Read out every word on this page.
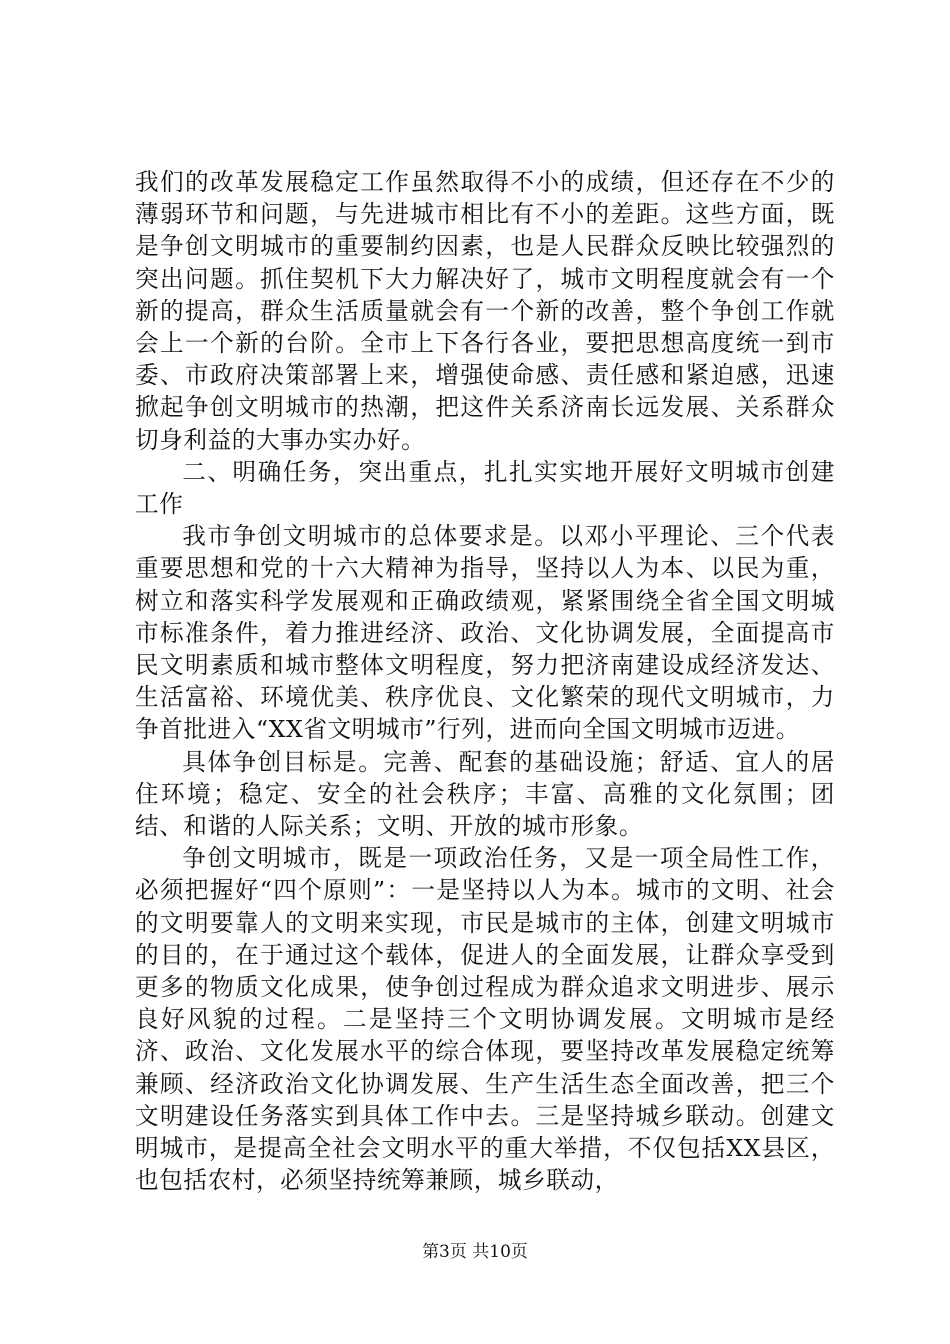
我们的改革发展稳定工作虽然取得不小的成绩，但还存在不少的薄弱环节和问题，与先进城市相比有不小的差距。这些方面，既是争创文明城市的重要制约因素，也是人民群众反映比较强烈的突出问题。抓住契机下大力解决好了，城市文明程度就会有一个新的提高，群众生活质量就会有一个新的改善，整个争创工作就会上一个新的台阶。全市上下各行各业，要把思想高度统一到市委、市政府决策部署上来，增强使命感、责任感和紧迫感，迅速掀起争创文明城市的热潮，把这件关系济南长远发展、关系群众切身利益的大事办实办好。

二、明确任务，突出重点，扎扎实实地开展好文明城市创建工作

我市争创文明城市的总体要求是。以邓小平理论、三个代表重要思想和党的十六大精神为指导，坚持以人为本、以民为重，树立和落实科学发展观和正确政绩观，紧紧围绕全省全国文明城市标准条件，着力推进经济、政治、文化协调发展，全面提高市民文明素质和城市整体文明程度，努力把济南建设成经济发达、生活富裕、环境优美、秩序优良、文化繁荣的现代文明城市，力争首批进入“XX省文明城市”行列，进而向全国文明城市迈进。

具体争创目标是。完善、配套的基础设施；舒适、宜人的居住环境；稳定、安全的社会秩序；丰富、高雅的文化氛围；团结、和谐的人际关系；文明、开放的城市形象。

争创文明城市，既是一项政治任务，又是一项全局性工作，必须把握好“四个原则”：一是坚持以人为本。城市的文明、社会的文明要靠人的文明来实现，市民是城市的主体，创建文明城市的目的，在于通过这个载体，促进人的全面发展，让群众享受到更多的物质文化成果，使争创过程成为群众追求文明进步、展示良好风貌的过程。二是坚持三个文明协调发展。文明城市是经济、政治、文化发展水平的综合体现，要坚持改革发展稳定统筹兼顾、经济政治文化协调发展、生产生活生态全面改善，把三个文明建设任务落实到具体工作中去。三是坚持城乡联动。创建文明城市，是提高全社会文明水平的重大举措，不仅包括XX县区，也包括农村，必须坚持统筹兼顾，城乡联动，

第3页 共10页
